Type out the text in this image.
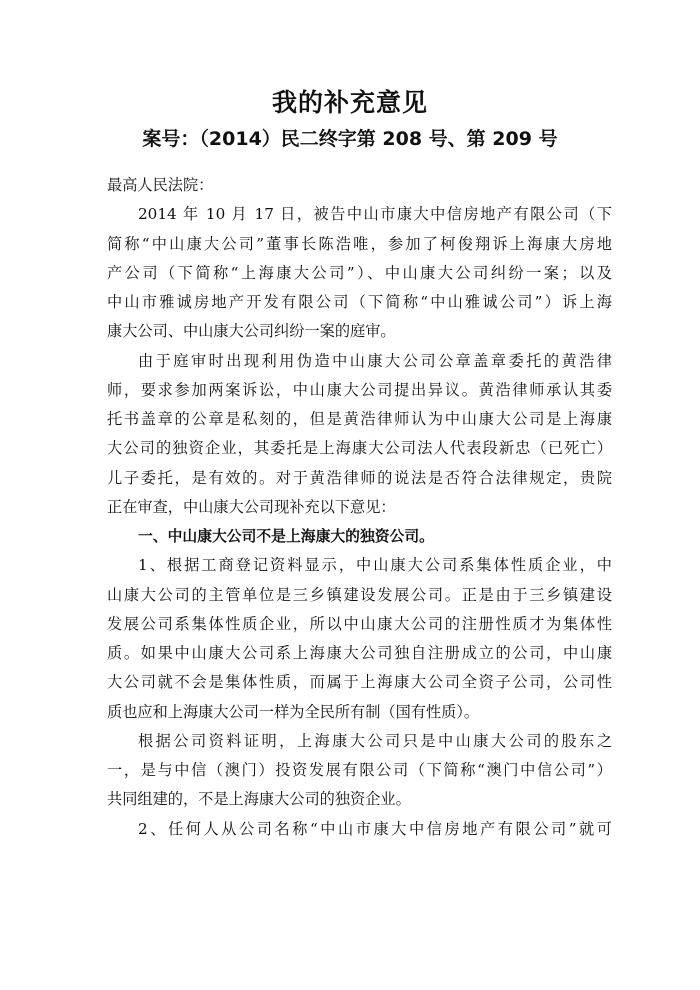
我的补充意见
案号：（2014）民二终字第 208 号、第 209 号
最高人民法院：
2014 年 10 月 17 日，被告中山市康大中信房地产有限公司（下
简称“中山康大公司”董事长陈浩唯，参加了柯俊翔诉上海康大房地
产公司（下简称“上海康大公司”）、中山康大公司纠纷一案；以及
中山市雅诚房地产开发有限公司（下简称“中山雅诚公司”）诉上海
康大公司、中山康大公司纠纷一案的庭审。
由于庭审时出现利用伪造中山康大公司公章盖章委托的黄浩律
师，要求参加两案诉讼，中山康大公司提出异议。黄浩律师承认其委
托书盖章的公章是私刻的，但是黄浩律师认为中山康大公司是上海康
大公司的独资企业，其委托是上海康大公司法人代表段新忠（已死亡）
儿子委托，是有效的。对于黄浩律师的说法是否符合法律规定，贵院
正在审查，中山康大公司现补充以下意见：
一、中山康大公司不是上海康大的独资公司。
1、根据工商登记资料显示，中山康大公司系集体性质企业，中
山康大公司的主管单位是三乡镇建设发展公司。正是由于三乡镇建设
发展公司系集体性质企业，所以中山康大公司的注册性质才为集体性
质。如果中山康大公司系上海康大公司独自注册成立的公司，中山康
大公司就不会是集体性质，而属于上海康大公司全资子公司，公司性
质也应和上海康大公司一样为全民所有制（国有性质）。
根据公司资料证明，上海康大公司只是中山康大公司的股东之
一，是与中信（澳门）投资发展有限公司（下简称“澳门中信公司”）
共同组建的，不是上海康大公司的独资企业。
2、任何人从公司名称“中山市康大中信房地产有限公司”就可
